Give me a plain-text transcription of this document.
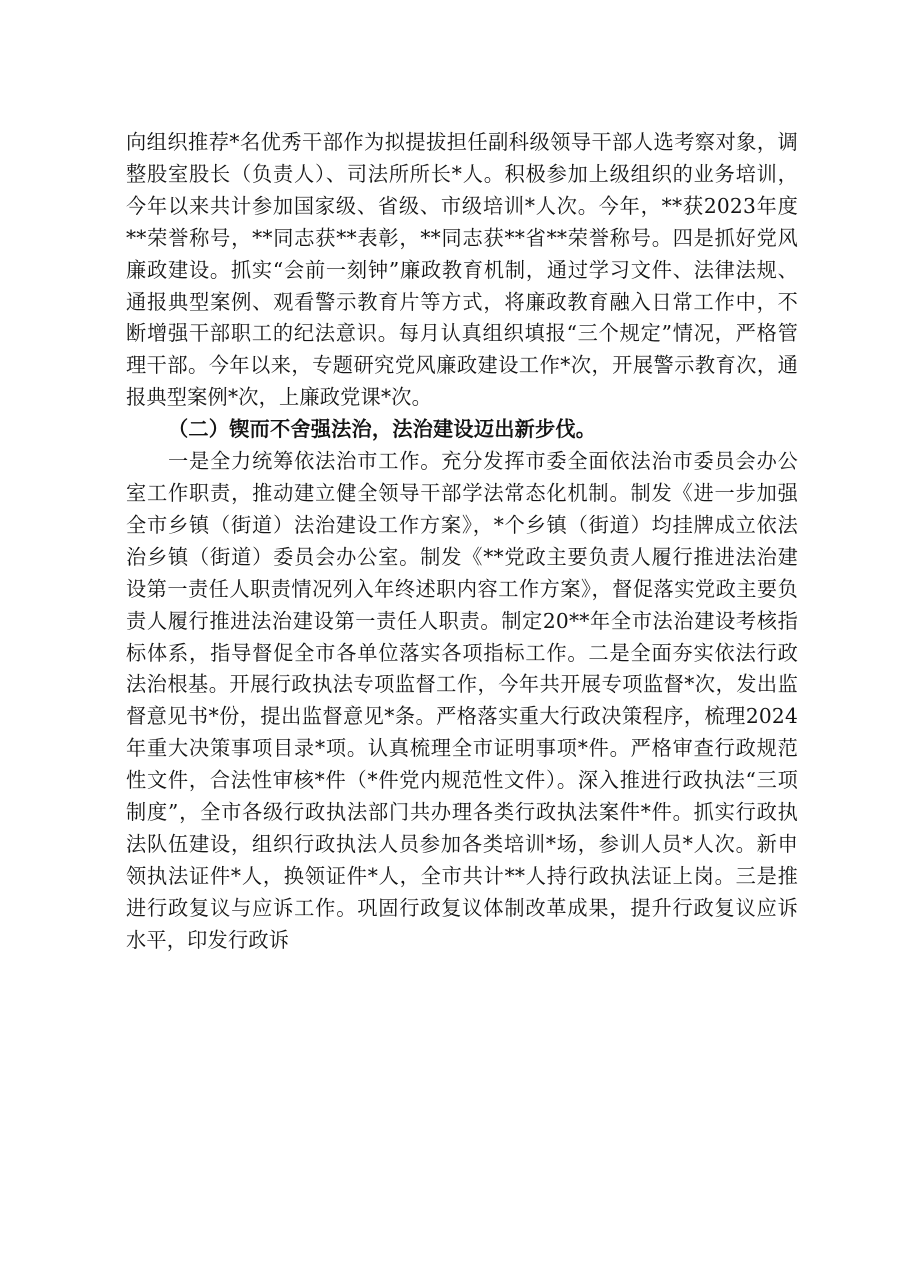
向组织推荐*名优秀干部作为拟提拔担任副科级领导干部人选考察对象，调整股室股长（负责人）、司法所所长*人。积极参加上级组织的业务培训，今年以来共计参加国家级、省级、市级培训*人次。今年，**获2023年度**荣誉称号，**同志获**表彰，**同志获**省**荣誉称号。四是抓好党风廉政建设。抓实“会前一刻钟”廉政教育机制，通过学习文件、法律法规、通报典型案例、观看警示教育片等方式，将廉政教育融入日常工作中，不断增强干部职工的纪法意识。每月认真组织填报“三个规定”情况，严格管理干部。今年以来，专题研究党风廉政建设工作*次，开展警示教育次，通报典型案例*次，上廉政党课*次。

（二）锲而不舍强法治，法治建设迈出新步伐。

一是全力统筹依法治市工作。充分发挥市委全面依法治市委员会办公室工作职责，推动建立健全领导干部学法常态化机制。制发《进一步加强全市乡镇（街道）法治建设工作方案》，*个乡镇（街道）均挂牌成立依法治乡镇（街道）委员会办公室。制发《**党政主要负责人履行推进法治建设第一责任人职责情况列入年终述职内容工作方案》，督促落实党政主要负责人履行推进法治建设第一责任人职责。制定20**年全市法治建设考核指标体系，指导督促全市各单位落实各项指标工作。二是全面夯实依法行政法治根基。开展行政执法专项监督工作，今年共开展专项监督*次，发出监督意见书*份，提出监督意见*条。严格落实重大行政决策程序，梳理2024年重大决策事项目录*项。认真梳理全市证明事项*件。严格审查行政规范性文件，合法性审核*件（*件党内规范性文件）。深入推进行政执法“三项制度”，全市各级行政执法部门共办理各类行政执法案件*件。抓实行政执法队伍建设，组织行政执法人员参加各类培训*场，参训人员*人次。新申领执法证件*人，换领证件*人，全市共计**人持行政执法证上岗。三是推进行政复议与应诉工作。巩固行政复议体制改革成果，提升行政复议应诉水平，印发行政诉
